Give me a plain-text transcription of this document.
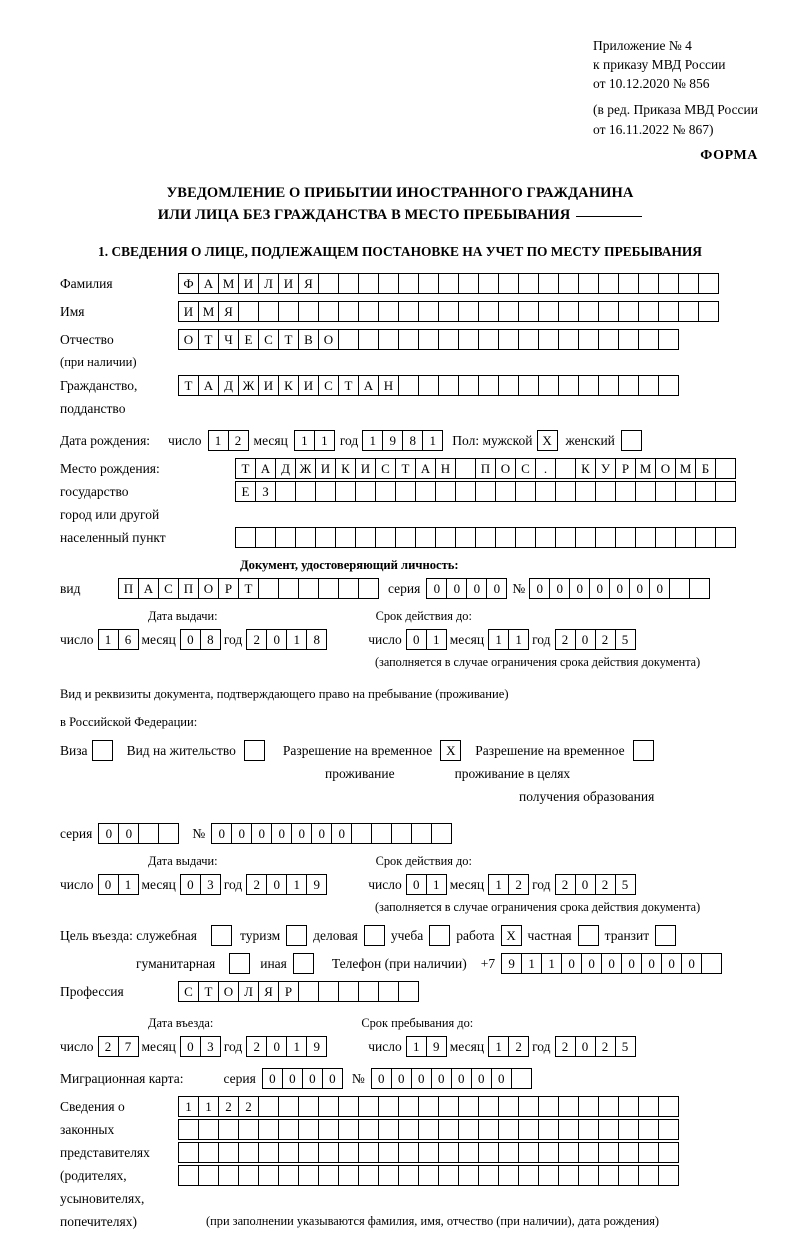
Приложение № 4
к приказу МВД России
от 10.12.2020 № 856
(в ред. Приказа МВД России
от 16.11.2022 № 867)
ФОРМА
УВЕДОМЛЕНИЕ О ПРИБЫТИИ ИНОСТРАННОГО ГРАЖДАНИНА
ИЛИ ЛИЦА БЕЗ ГРАЖДАНСТВА В МЕСТО ПРЕБЫВАНИЯ
1. СВЕДЕНИЯ О ЛИЦЕ, ПОДЛЕЖАЩЕМ ПОСТАНОВКЕ НА УЧЕТ ПО МЕСТУ ПРЕБЫВАНИЯ
Фамилия	Ф А М И Л И Я
Имя	И М Я
Отчество	О Т Ч Е С Т В О
(при наличии)
Гражданство,	Т А Д Ж И К И С Т А Н
подданство
Дата рождения: число	1	2 месяц	1	1 год 1	9	8	1	Пол: мужской X	женский
Место рождения:	Т А Д Ж И К И С Т А Н	П О С	.	К У Р М О М Б
государство	Е З
город или другой
населенный пункт
Документ, удостоверяющий личность:
вид	П А С П О Р Т	серия	0	0	0	0 № 0	0	0	0	0	0	0
Дата выдачи:	Срок действия до:
число 1	6 месяц 0	8 год 2	0	1	8	число 0	1 месяц 1	1 год 2	0	2	5
(заполняется в случае ограничения срока действия документа)
Вид и реквизиты документа, подтверждающего право на пребывание (проживание)
в Российской Федерации:
Виза	Вид на жительство	Разрешение на временное	X	Разрешение на временное
проживание	проживание в целях
получения образования
серия	0	0	№	0	0	0	0	0	0	0
Дата выдачи:	Срок действия до:
число 0	1 месяц 0	3 год 2	0	1	9	число 0	1 месяц 1	2 год 2	0	2	5
(заполняется в случае ограничения срока действия документа)
Цель въезда: служебная	туризм деловая учеба работа X частная транзит
гуманитарная	иная	Телефон (при наличии) +7	9	1	1	0	0	0	0	0	0	0
Профессия	С Т О Л Я Р
Дата въезда:	Срок пребывания до:
число 2	7 месяц 0	3 год 2	0	1	9	число 1	9 месяц 1	2 год 2	0	2	5
Миграционная карта:	серия	0	0	0	0	№	0	0	0	0	0	0	0
Сведения о	1	1	2	2
законных
представителях
(родителях,
усыновителях,
попечителях)	(при заполнении указываются фамилия, имя, отчество (при наличии), дата рождения)
